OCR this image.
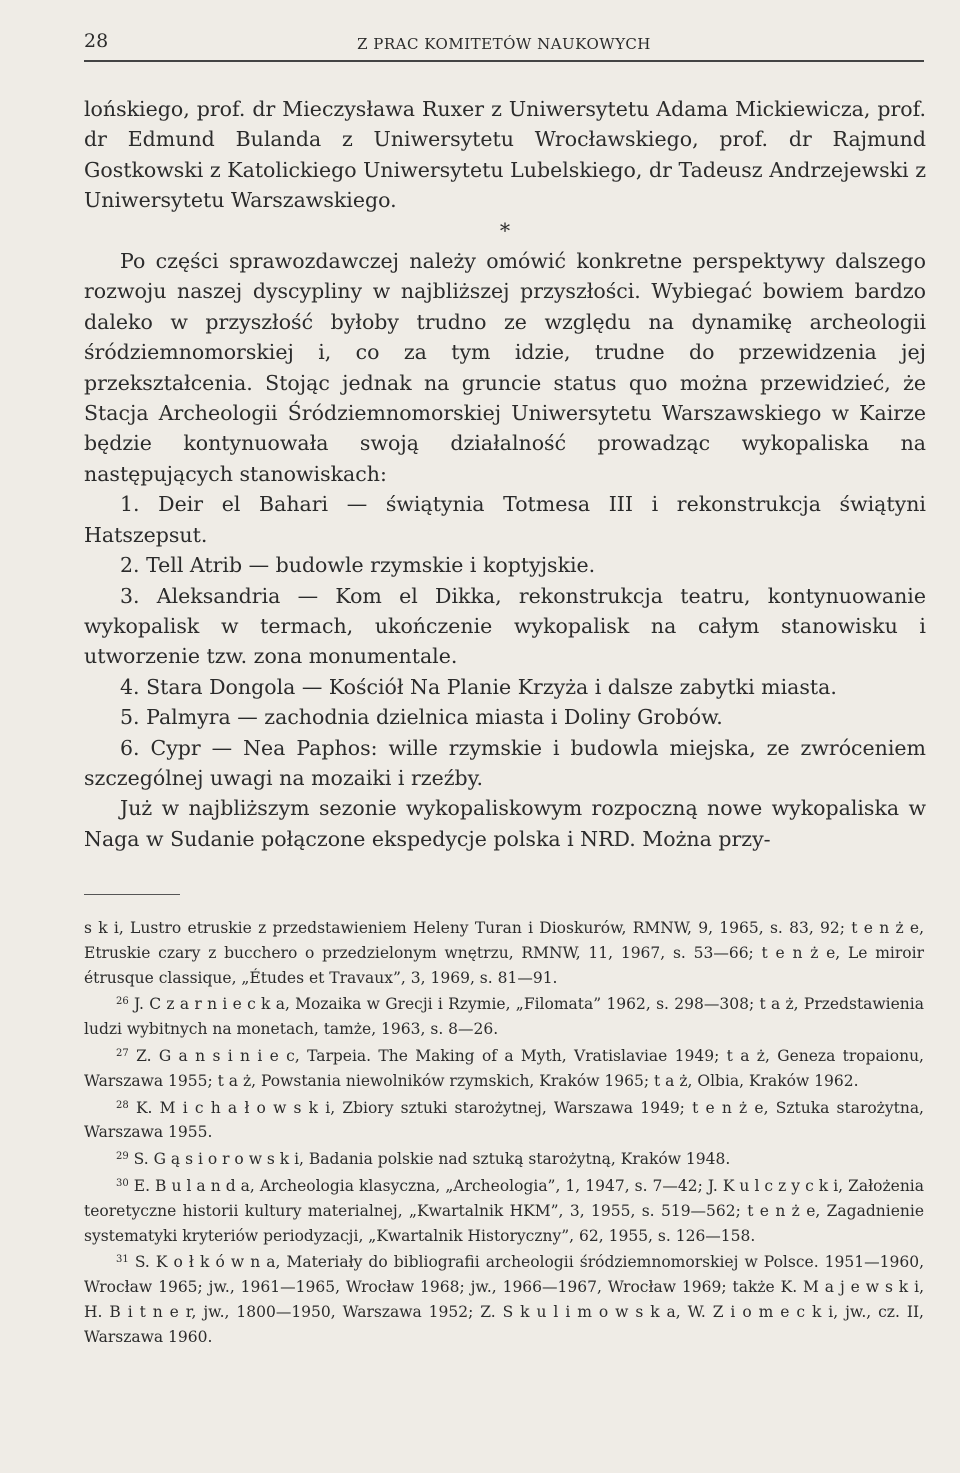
28	Z PRAC KOMITETÓW NAUKOWYCH

lońskiego, prof. dr Mieczysława Ruxer z Uniwersytetu Adama Mickiewicza, prof. dr Edmund Bulanda z Uniwersytetu Wrocławskiego, prof. dr Rajmund Gostkowski z Katolickiego Uniwersytetu Lubelskiego, dr Tadeusz Andrzejewski z Uniwersytetu Warszawskiego.

*

Po części sprawozdawczej należy omówić konkretne perspektywy dalszego rozwoju naszej dyscypliny w najbliższej przyszłości. Wybiegać bowiem bardzo daleko w przyszłość byłoby trudno ze względu na dynamikę archeologii śródziemnomorskiej i, co za tym idzie, trudne do przewidzenia jej przekształcenia. Stojąc jednak na gruncie status quo można przewidzieć, że Stacja Archeologii Śródziemnomorskiej Uniwersytetu Warszawskiego w Kairze będzie kontynuowała swoją działalność prowadząc wykopaliska na następujących stanowiskach:

1. Deir el Bahari — świątynia Totmesa III i rekonstrukcja świątyni Hatszepsut.

2. Tell Atrib — budowle rzymskie i koptyjskie.

3. Aleksandria — Kom el Dikka, rekonstrukcja teatru, kontynuowanie wykopalisk w termach, ukończenie wykopalisk na całym stanowisku i utworzenie tzw. zona monumentale.

4. Stara Dongola — Kościół Na Planie Krzyża i dalsze zabytki miasta.

5. Palmyra — zachodnia dzielnica miasta i Doliny Grobów.

6. Cypr — Nea Paphos: wille rzymskie i budowla miejska, ze zwróceniem szczególnej uwagi na mozaiki i rzeźby.

Już w najbliższym sezonie wykopaliskowym rozpoczną nowe wykopaliska w Naga w Sudanie połączone ekspedycje polska i NRD. Można przy-

s k i, Lustro etruskie z przedstawieniem Heleny Turan i Dioskurów, RMNW, 9, 1965, s. 83, 92; t e n ż e, Etruskie czary z bucchero o przedzielonym wnętrzu, RMNW, 11, 1967, s. 53—66; t e n ż e, Le miroir étrusque classique, „Études et Travaux”, 3, 1969, s. 81—91.

$^{26}$ J. C z a r n i e c k a, Mozaika w Grecji i Rzymie, „Filomata” 1962, s. 298—308; t a ż, Przedstawienia ludzi wybitnych na monetach, tamże, 1963, s. 8—26.

$^{27}$ Z. G a n s i n i e c, Tarpeia. The Making of a Myth, Vratislaviae 1949; t a ż, Geneza tropaionu, Warszawa 1955; t a ż, Powstania niewolników rzymskich, Kraków 1965; t a ż, Olbia, Kraków 1962.

$^{28}$ K. M i c h a ł o w s k i, Zbiory sztuki starożytnej, Warszawa 1949; t e n ż e, Sztuka starożytna, Warszawa 1955.

$^{29}$ S. G ą s i o r o w s k i, Badania polskie nad sztuką starożytną, Kraków 1948.

$^{30}$ E. B u l a n d a, Archeologia klasyczna, „Archeologia”, 1, 1947, s. 7—42; J. K u l c z y c k i, Założenia teoretyczne historii kultury materialnej, „Kwartalnik HKM”, 3, 1955, s. 519—562; t e n ż e, Zagadnienie systematyki kryteriów periodyzacji, „Kwartalnik Historyczny”, 62, 1955, s. 126—158.

$^{31}$ S. K o ł k ó w n a, Materiały do bibliografii archeologii śródziemnomorskiej w Polsce. 1951—1960, Wrocław 1965; jw., 1961—1965, Wrocław 1968; jw., 1966—1967, Wrocław 1969; także K. M a j e w s k i, H. B i t n e r, jw., 1800—1950, Warszawa 1952; Z. S k u l i m o w s k a, W. Z i o m e c k i, jw., cz. II, Warszawa 1960.
